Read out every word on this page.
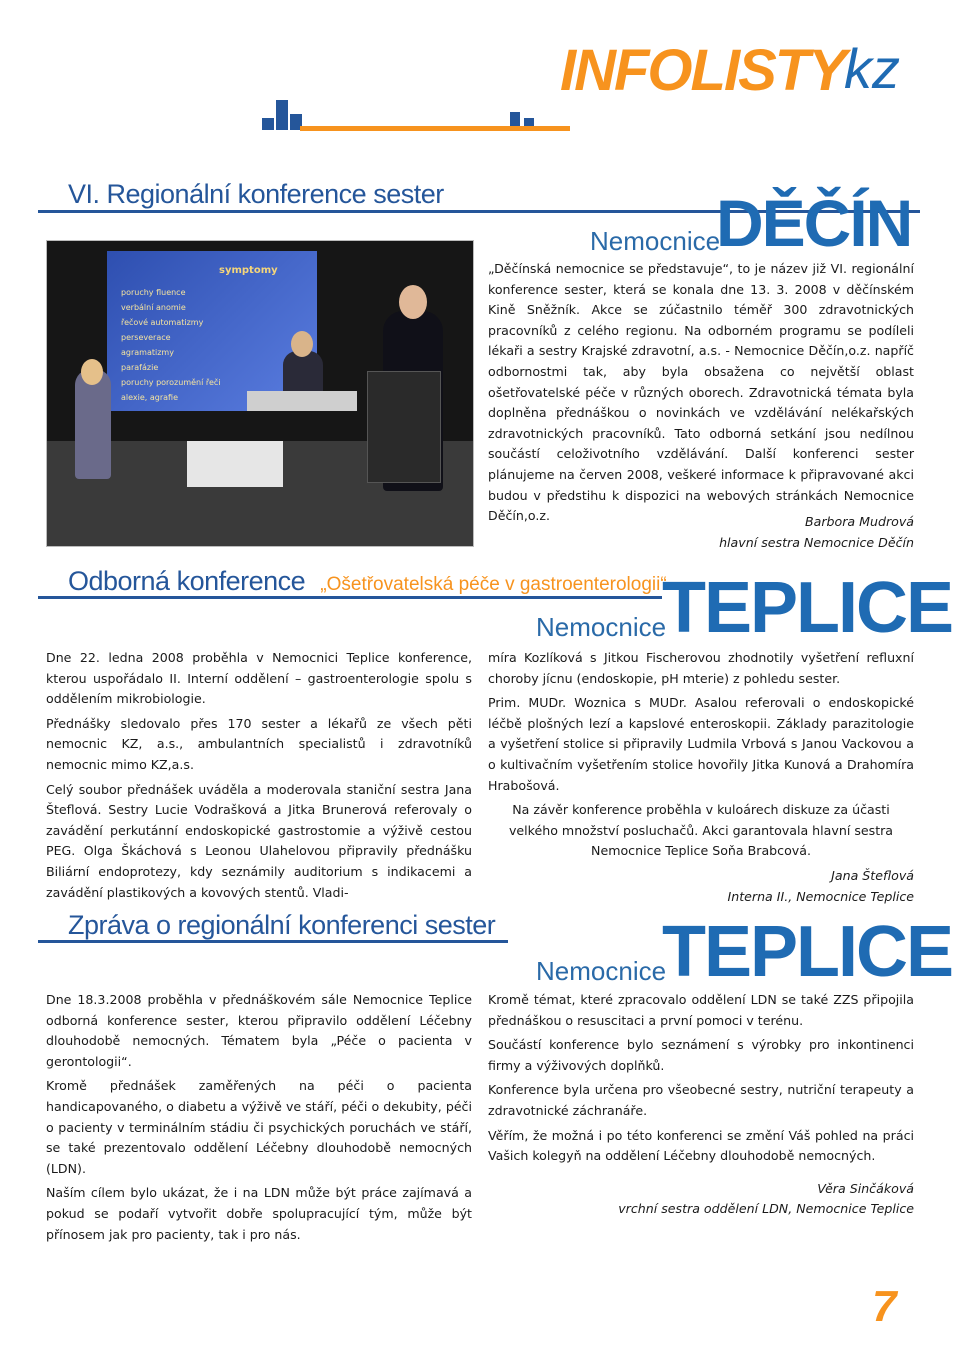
INFOLISTY kz
VI. Regionální konference sester
Nemocnice
DĚČÍN
symptomy
poruchy fluence
verbální anomie
řečové automatizmy
perseverace
agramatizmy
parafázie
poruchy porozumění řeči
alexie, agrafie
„Děčínská nemocnice se představuje“, to je název již VI. regionální konference sester, která se konala dne 13. 3. 2008 v děčínském Kině Sněžník. Akce se zúčastnilo téměř 300 zdravotnických pracovníků z celého regionu. Na odborném programu se podíleli lékaři a sestry Krajské zdravotní, a.s. - Nemocnice Děčín,o.z. napříč odbornostmi tak, aby byla obsažena co největší oblast ošetřovatelské péče v různých oborech. Zdravotnická témata byla doplněna přednáškou o novinkách ve vzdělávání nelékařských zdravotnických pracovníků. Tato odborná setkání jsou nedílnou součástí celoživotního vzdělávání. Další konferenci sester plánujeme na červen 2008, veškeré informace k připravované akci budou v předstihu k dispozici na webových stránkách Nemocnice Děčín,o.z.	Barbora Mudrová
hlavní sestra Nemocnice Děčín
Odborná konference „Ošetřovatelská péče v gastroenterologii“
Nemocnice
TEPLICE

Dne 22. ledna 2008 proběhla v Nemocnici Teplice konference, kterou uspořádalo II. Interní oddělení – gastroenterologie spolu s oddělením mikrobiologie.

Přednášky sledovalo přes 170 sester a lékařů ze všech pěti nemocnic KZ, a.s., ambulantních specialistů i zdravotníků nemocnic mimo KZ,a.s.

Celý soubor přednášek uváděla a moderovala staniční sestra Jana Šteflová. Sestry Lucie Vodrašková a Jitka Brunerová referovaly o zavádění perkutánní endoskopické gastrostomie a výživě cestou PEG. Olga Škáchová s Leonou Ulahelovou připravily přednášku Biliární endoprotezy, kdy seznámily auditorium s indikacemi a zavádění plastikových a kovových stentů. Vladi-

míra Kozlíková s Jitkou Fischerovou zhodnotily vyšetření refluxní choroby jícnu (endoskopie, pH mterie) z pohledu sester.

Prim. MUDr. Woznica s MUDr. Asalou referovali o endoskopické léčbě plošných lezí a kapslové enteroskopii. Základy parazitologie a vyšetření stolice si připravily Ludmila Vrbová s Janou Vackovou a o kultivačním vyšetřením stolice hovořily Jitka Kunová a Drahomíra Hrabošová.

Na závěr konference proběhla v kuloárech diskuze za účasti velkého množství posluchačů. Akci garantovala hlavní sestra Nemocnice Teplice Soňa Brabcová.

Jana Šteflová

Interna II., Nemocnice Teplice

Zpráva o regionální konferenci sester
Nemocnice
TEPLICE

Dne 18.3.2008 proběhla v přednáškovém sále Nemocnice Teplice odborná konference sester, kterou připravilo oddělení Léčebny dlouhodobě nemocných. Tématem byla „Péče o pacienta v gerontologii“.

Kromě přednášek zaměřených na péči o pacienta handicapovaného, o diabetu a výživě ve stáří, péči o dekubity, péči o pacienty v terminálním stádiu či psychických poruchách ve stáří, se také prezentovalo oddělení Léčebny dlouhodobě nemocných (LDN).

Naším cílem bylo ukázat, že i na LDN může být práce zajímavá a pokud se podaří vytvořit dobře spolupracující tým, může být přínosem jak pro pacienty, tak i pro nás.

Kromě témat, které zpracovalo oddělení LDN se také ZZS připojila přednáškou o resuscitaci a první pomoci v terénu.

Součástí konference bylo seznámení s výrobky pro inkontinenci firmy a výživových doplňků.

Konference byla určena pro všeobecné sestry, nutriční terapeuty a zdravotnické záchranáře.

Věřím, že možná i po této konferenci se změní Váš pohled na práci Vašich kolegyň na oddělení Léčebny dlouhodobě nemocných.

Věra Sinčáková

vrchní sestra oddělení LDN, Nemocnice Teplice

7
